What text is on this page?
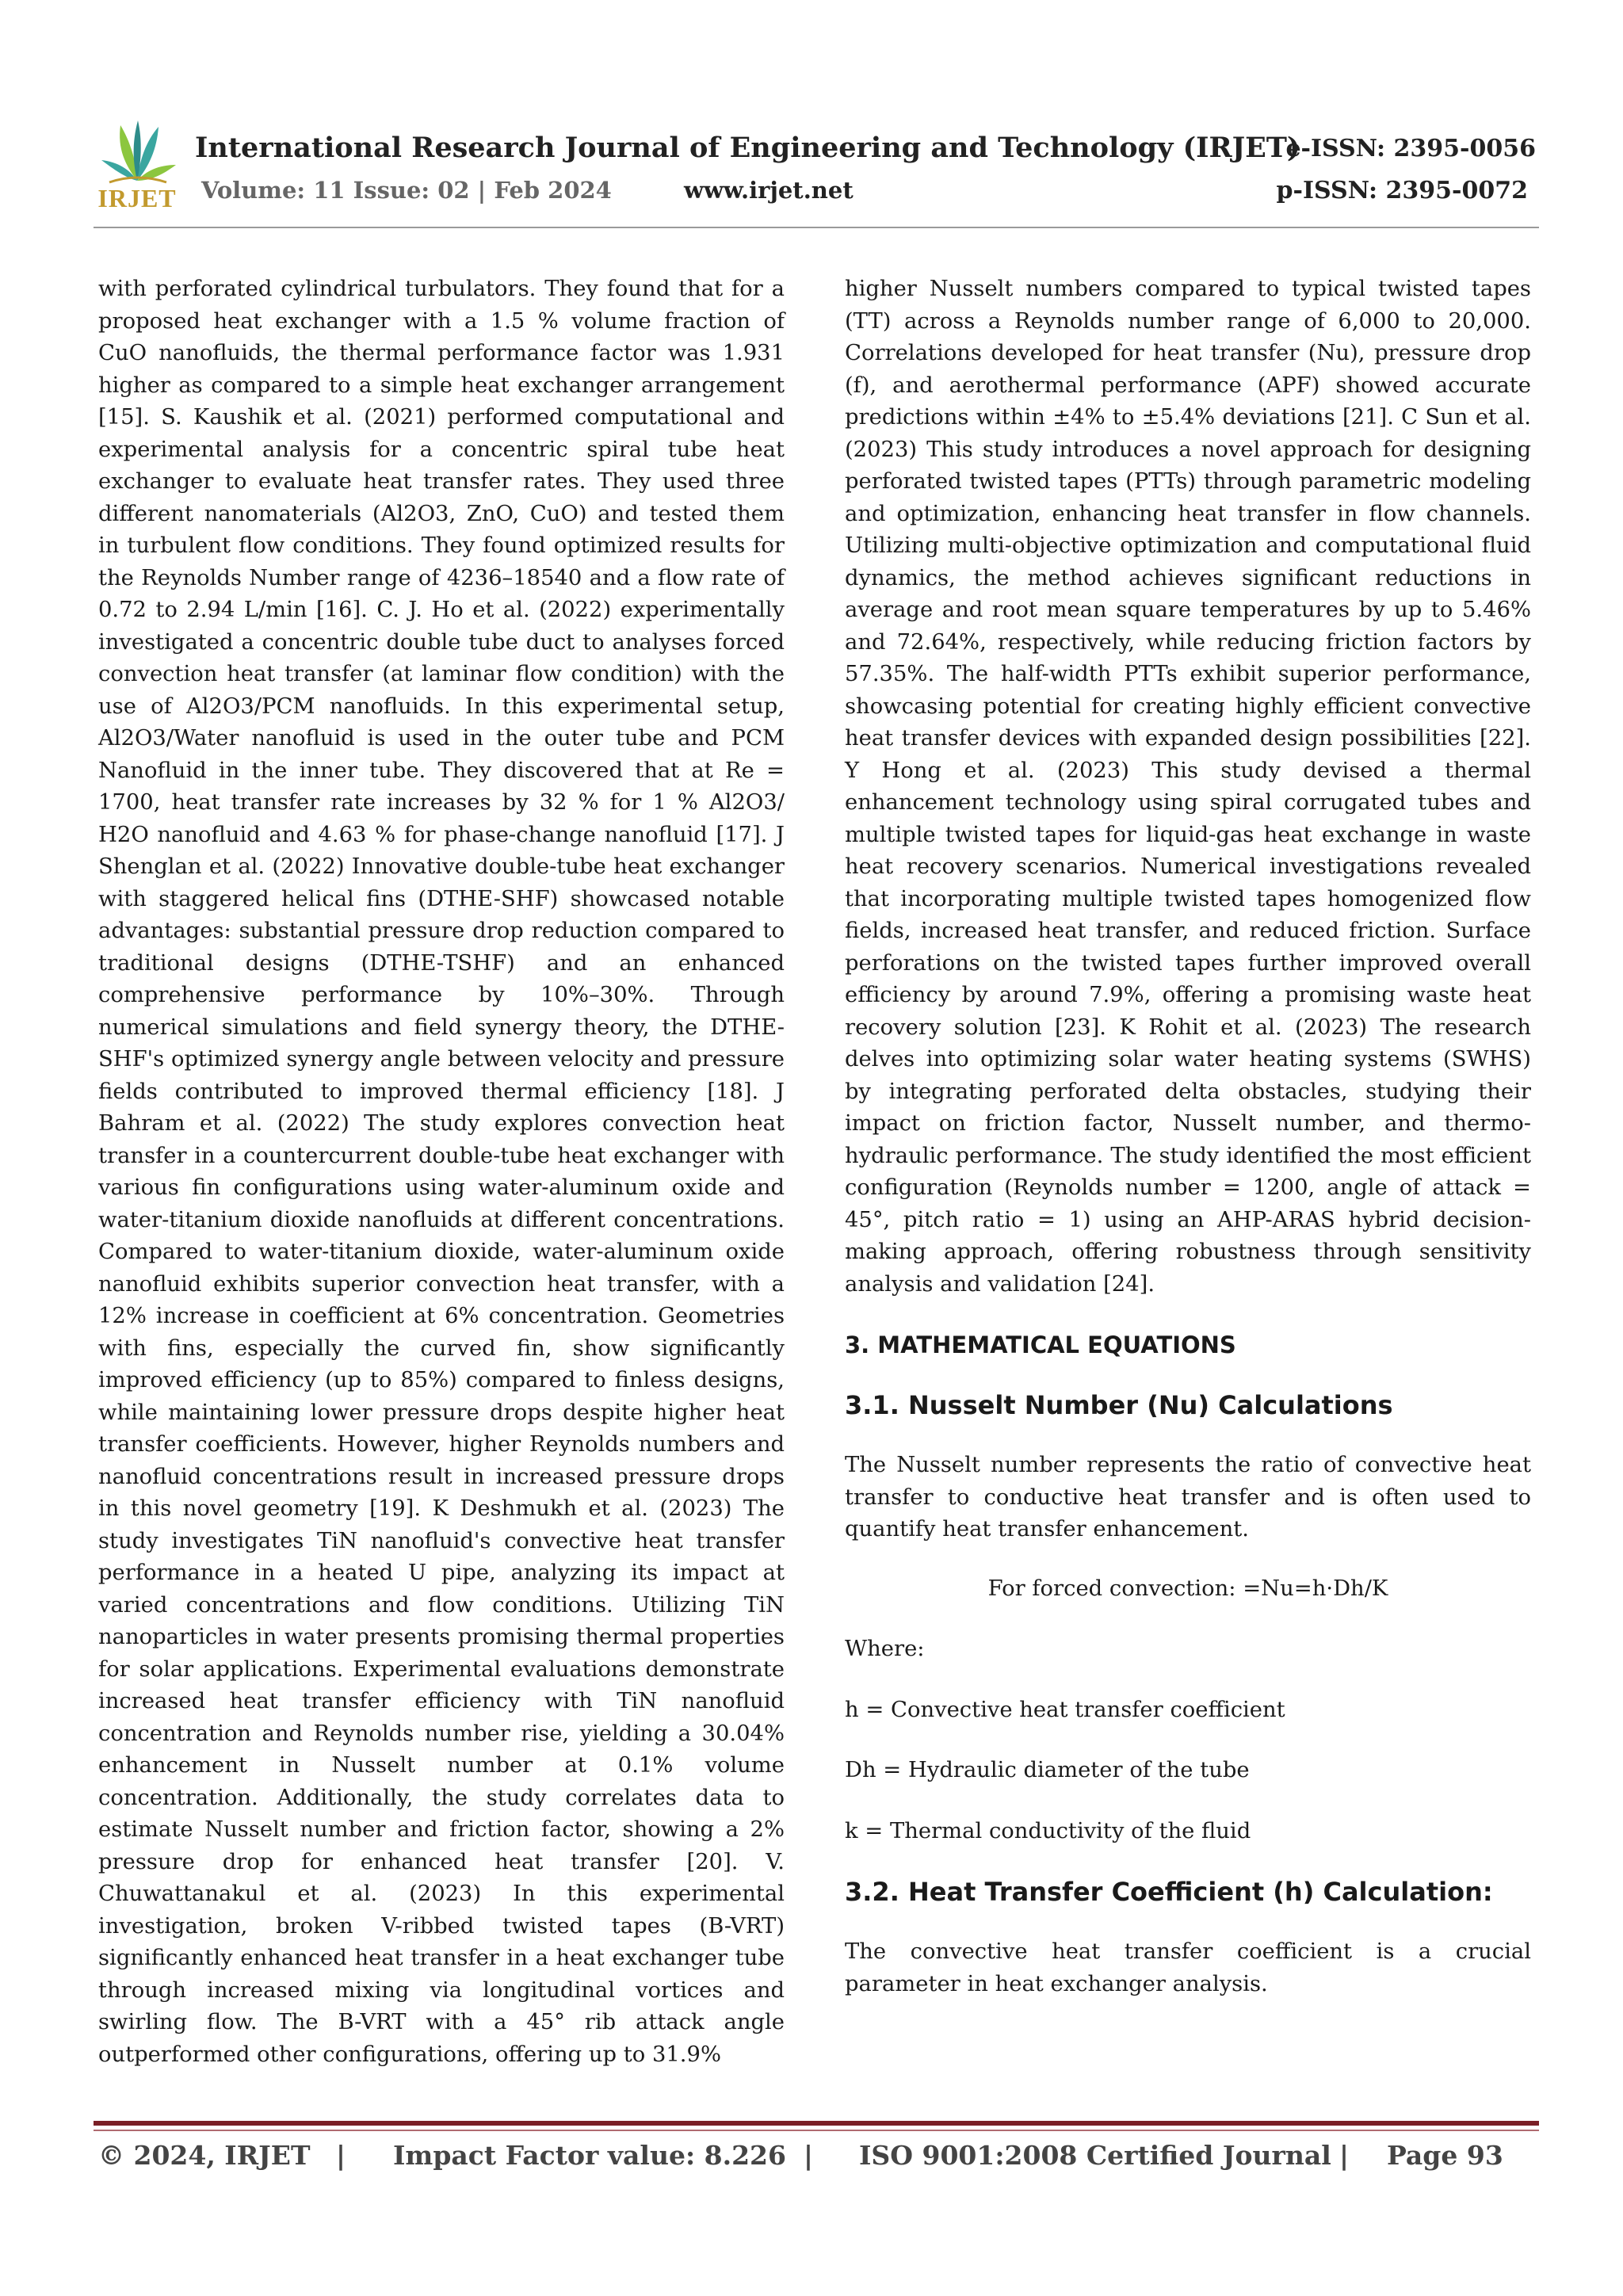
IRJET
International Research Journal of Engineering and Technology (IRJET)
e-ISSN: 2395-0056
Volume: 11 Issue: 02 | Feb 2024	www.irjet.net	p-ISSN: 2395-0072

with perforated cylindrical turbulators. They found that for a proposed heat exchanger with a 1.5 % volume fraction of CuO nanofluids, the thermal performance factor was 1.931 higher as compared to a simple heat exchanger arrangement [15]. S. Kaushik et al. (2021) performed computational and experimental analysis for a concentric spiral tube heat exchanger to evaluate heat transfer rates. They used three different nanomaterials (Al2O3, ZnO, CuO) and tested them in turbulent flow conditions. They found optimized results for the Reynolds Number range of 4236–18540 and a flow rate of 0.72 to 2.94 L/min [16]. C. J. Ho et al. (2022) experimentally investigated a concentric double tube duct to analyses forced convection heat transfer (at laminar flow condition) with the use of Al2O3/PCM nanofluids. In this experimental setup, Al2O3/Water nanofluid is used in the outer tube and PCM Nanofluid in the inner tube. They discovered that at Re = 1700, heat transfer rate increases by 32 % for 1 % Al2O3/ H2O nanofluid and 4.63 % for phase-change nanofluid [17]. J Shenglan et al. (2022) Innovative double-tube heat exchanger with staggered helical fins (DTHE-SHF) showcased notable advantages: substantial pressure drop reduction compared to traditional designs (DTHE-TSHF) and an enhanced comprehensive performance by 10%–30%. Through numerical simulations and field synergy theory, the DTHE-SHF's optimized synergy angle between velocity and pressure fields contributed to improved thermal efficiency [18]. J Bahram et al. (2022) The study explores convection heat transfer in a countercurrent double-tube heat exchanger with various fin configurations using water-aluminum oxide and water-titanium dioxide nanofluids at different concentrations. Compared to water-titanium dioxide, water-aluminum oxide nanofluid exhibits superior convection heat transfer, with a 12% increase in coefficient at 6% concentration. Geometries with fins, especially the curved fin, show significantly improved efficiency (up to 85%) compared to finless designs, while maintaining lower pressure drops despite higher heat transfer coefficients. However, higher Reynolds numbers and nanofluid concentrations result in increased pressure drops in this novel geometry [19]. K Deshmukh et al. (2023) The study investigates TiN nanofluid's convective heat transfer performance in a heated U pipe, analyzing its impact at varied concentrations and flow conditions. Utilizing TiN nanoparticles in water presents promising thermal properties for solar applications. Experimental evaluations demonstrate increased heat transfer efficiency with TiN nanofluid concentration and Reynolds number rise, yielding a 30.04% enhancement in Nusselt number at 0.1% volume concentration. Additionally, the study correlates data to estimate Nusselt number and friction factor, showing a 2% pressure drop for enhanced heat transfer [20]. V. Chuwattanakul et al. (2023) In this experimental investigation, broken V-ribbed twisted tapes (B-VRT) significantly enhanced heat transfer in a heat exchanger tube through increased mixing via longitudinal vortices and swirling flow. The B-VRT with a 45° rib attack angle outperformed other configurations, offering up to 31.9%

higher Nusselt numbers compared to typical twisted tapes (TT) across a Reynolds number range of 6,000 to 20,000. Correlations developed for heat transfer (Nu), pressure drop (f), and aerothermal performance (APF) showed accurate predictions within ±4% to ±5.4% deviations [21]. C Sun et al. (2023) This study introduces a novel approach for designing perforated twisted tapes (PTTs) through parametric modeling and optimization, enhancing heat transfer in flow channels. Utilizing multi-objective optimization and computational fluid dynamics, the method achieves significant reductions in average and root mean square temperatures by up to 5.46% and 72.64%, respectively, while reducing friction factors by 57.35%. The half-width PTTs exhibit superior performance, showcasing potential for creating highly efficient convective heat transfer devices with expanded design possibilities [22]. Y Hong et al. (2023) This study devised a thermal enhancement technology using spiral corrugated tubes and multiple twisted tapes for liquid-gas heat exchange in waste heat recovery scenarios. Numerical investigations revealed that incorporating multiple twisted tapes homogenized flow fields, increased heat transfer, and reduced friction. Surface perforations on the twisted tapes further improved overall efficiency by around 7.9%, offering a promising waste heat recovery solution [23]. K Rohit et al. (2023) The research delves into optimizing solar water heating systems (SWHS) by integrating perforated delta obstacles, studying their impact on friction factor, Nusselt number, and thermo-hydraulic performance. The study identified the most efficient configuration (Reynolds number = 1200, angle of attack = 45°, pitch ratio = 1) using an AHP-ARAS hybrid decision-making approach, offering robustness through sensitivity analysis and validation [24].

3. MATHEMATICAL EQUATIONS
3.1. Nusselt Number (Nu) Calculations

The Nusselt number represents the ratio of convective heat transfer to conductive heat transfer and is often used to quantify heat transfer enhancement.

For forced convection: =Nu=h·Dh/K

Where:

h = Convective heat transfer coefficient

Dh = Hydraulic diameter of the tube

k = Thermal conductivity of the fluid

3.2. Heat Transfer Coefficient (h) Calculation:

The convective heat transfer coefficient is a crucial parameter in heat exchanger analysis.

© 2024, IRJET | Impact Factor value: 8.226 | ISO 9001:2008 Certified Journal | Page 93
